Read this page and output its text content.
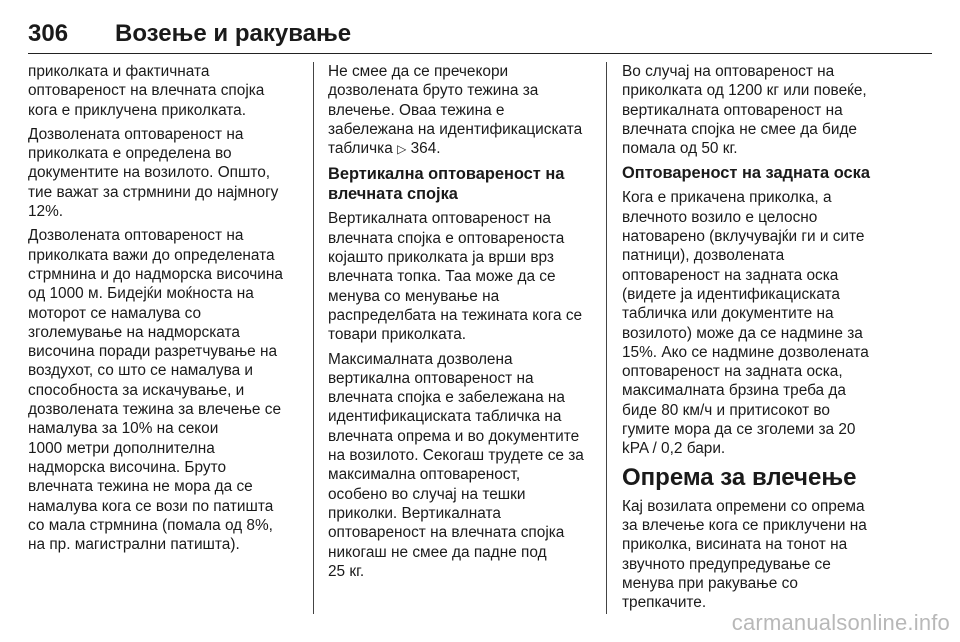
306 Возење и ракување

приколката и фактичната
оптовареност на влечната спојка
кога е приклучена приколката.

Дозволената оптовареност на
приколката е определена во
документите на возилото. Општо,
тие важат за стрмнини до најмногу
12%.

Дозволената оптовареност на
приколката важи до определената
стрмнина и до надморска височина
од 1000 м. Бидејќи моќноста на
моторот се намалува со
зголемување на надморската
височина поради разретчување на
воздухот, со што се намалува и
способноста за искачување, и
дозволената тежина за влечење се
намалува за 10% на секои
1000 метри дополнителна
надморска височина. Бруто
влечната тежина не мора да се
намалува кога се вози по патишта
со мала стрмнина (помала од 8%,
на пр. магистрални патишта).

Не смее да се пречекори
дозволената бруто тежина за
влечење. Оваа тежина е
забележана на идентификациската
табличка ▷ 364.

Вертикална оптовареност на
влечната спојка

Вертикалната оптовареност на
влечната спојка е оптовареноста
којашто приколката ја врши врз
влечната топка. Таа може да се
менува со менување на
распределбата на тежината кога се
товари приколката.

Максималната дозволена
вертикална оптовареност на
влечната спојка е забележана на
идентификациската табличка на
влечната опрема и во документите
на возилото. Секогаш трудете се за
максимална оптовареност,
особено во случај на тешки
приколки. Вертикалната
оптовареност на влечната спојка
никогаш не смее да падне под
25 кг.

Во случај на оптовареност на
приколката од 1200 кг или повеќе,
вертикалната оптовареност на
влечната спојка не смее да биде
помала од 50 кг.

Оптовареност на задната оска

Кога е прикачена приколка, а
влечното возило е целосно
натоварено (вклучувајќи ги и сите
патници), дозволената
оптовареност на задната оска
(видете ја идентификациската
табличка или документите на
возилото) може да се надмине за
15%. Ако се надмине дозволената
оптовареност на задната оска,
максималната брзина треба да
биде 80 км/ч и притисокот во
гумите мора да се зголеми за 20
kPA / 0,2 бари.

Опрема за влечење

Кај возилата опремени со опрема
за влечење кога се приклучени на
приколка, висината на тонот на
звучното предупредување се
менува при ракување со
трепкачите.

carmanualsonline.info
